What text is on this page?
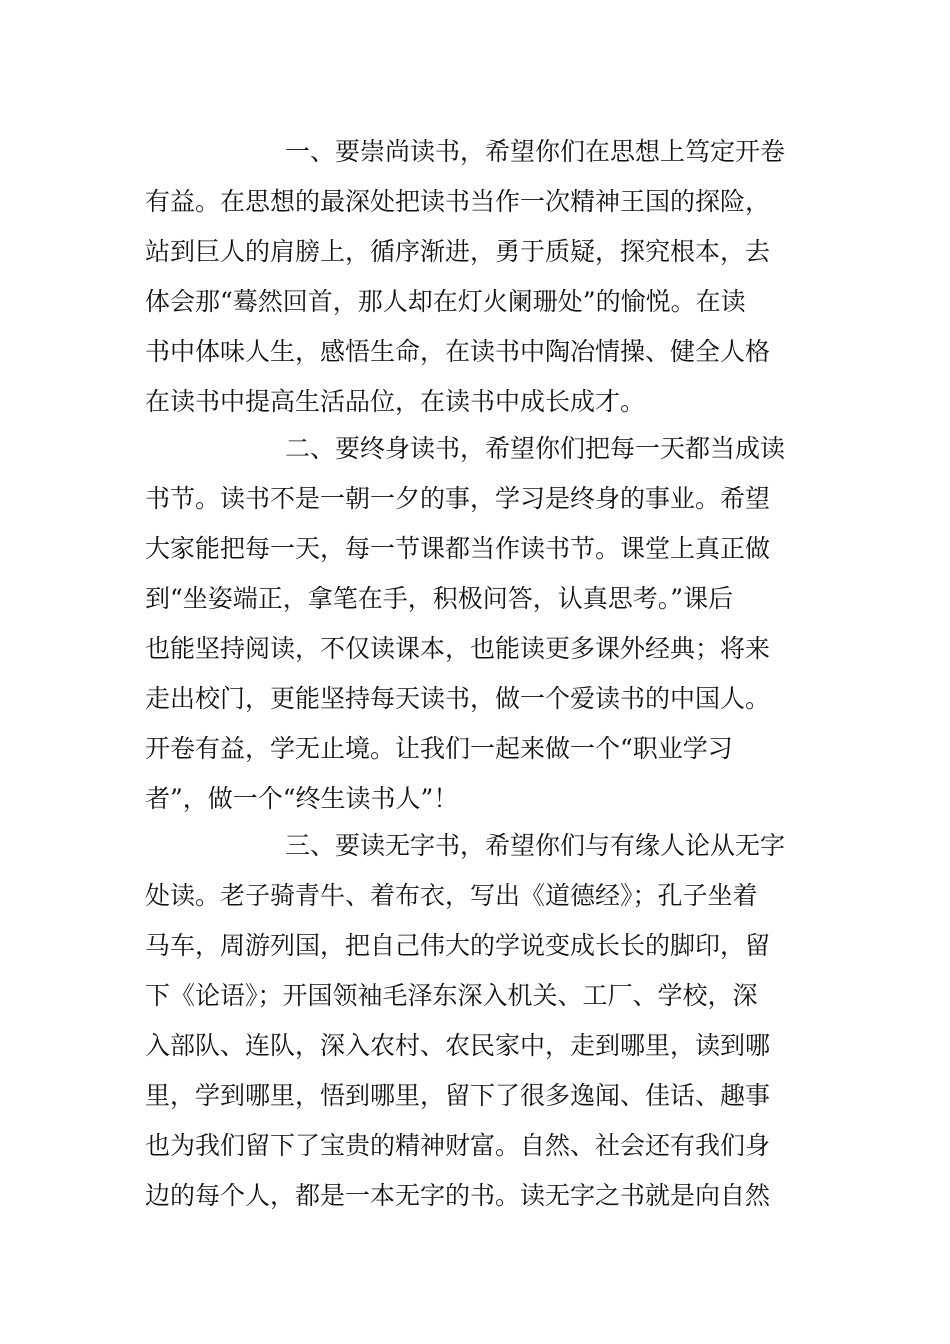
一、要崇尚读书，希望你们在思想上笃定开卷
有益。在思想的最深处把读书当作一次精神王国的探险，
站到巨人的肩膀上，循序渐进，勇于质疑，探究根本，去
体会那“蓦然回首，那人却在灯火阑珊处”的愉悦。在读
书中体味人生，感悟生命，在读书中陶冶情操、健全人格
在读书中提高生活品位，在读书中成长成才。
二、要终身读书，希望你们把每一天都当成读
书节。读书不是一朝一夕的事，学习是终身的事业。希望
大家能把每一天，每一节课都当作读书节。课堂上真正做
到“坐姿端正，拿笔在手，积极问答，认真思考。”课后
也能坚持阅读，不仅读课本，也能读更多课外经典；将来
走出校门，更能坚持每天读书，做一个爱读书的中国人。
开卷有益，学无止境。让我们一起来做一个“职业学习
者”，做一个“终生读书人”！
三、要读无字书，希望你们与有缘人论从无字
处读。老子骑青牛、着布衣，写出《道德经》；孔子坐着
马车，周游列国，把自己伟大的学说变成长长的脚印，留
下《论语》；开国领袖毛泽东深入机关、工厂、学校，深
入部队、连队，深入农村、农民家中，走到哪里，读到哪
里，学到哪里，悟到哪里，留下了很多逸闻、佳话、趣事
也为我们留下了宝贵的精神财富。自然、社会还有我们身
边的每个人，都是一本无字的书。读无字之书就是向自然
